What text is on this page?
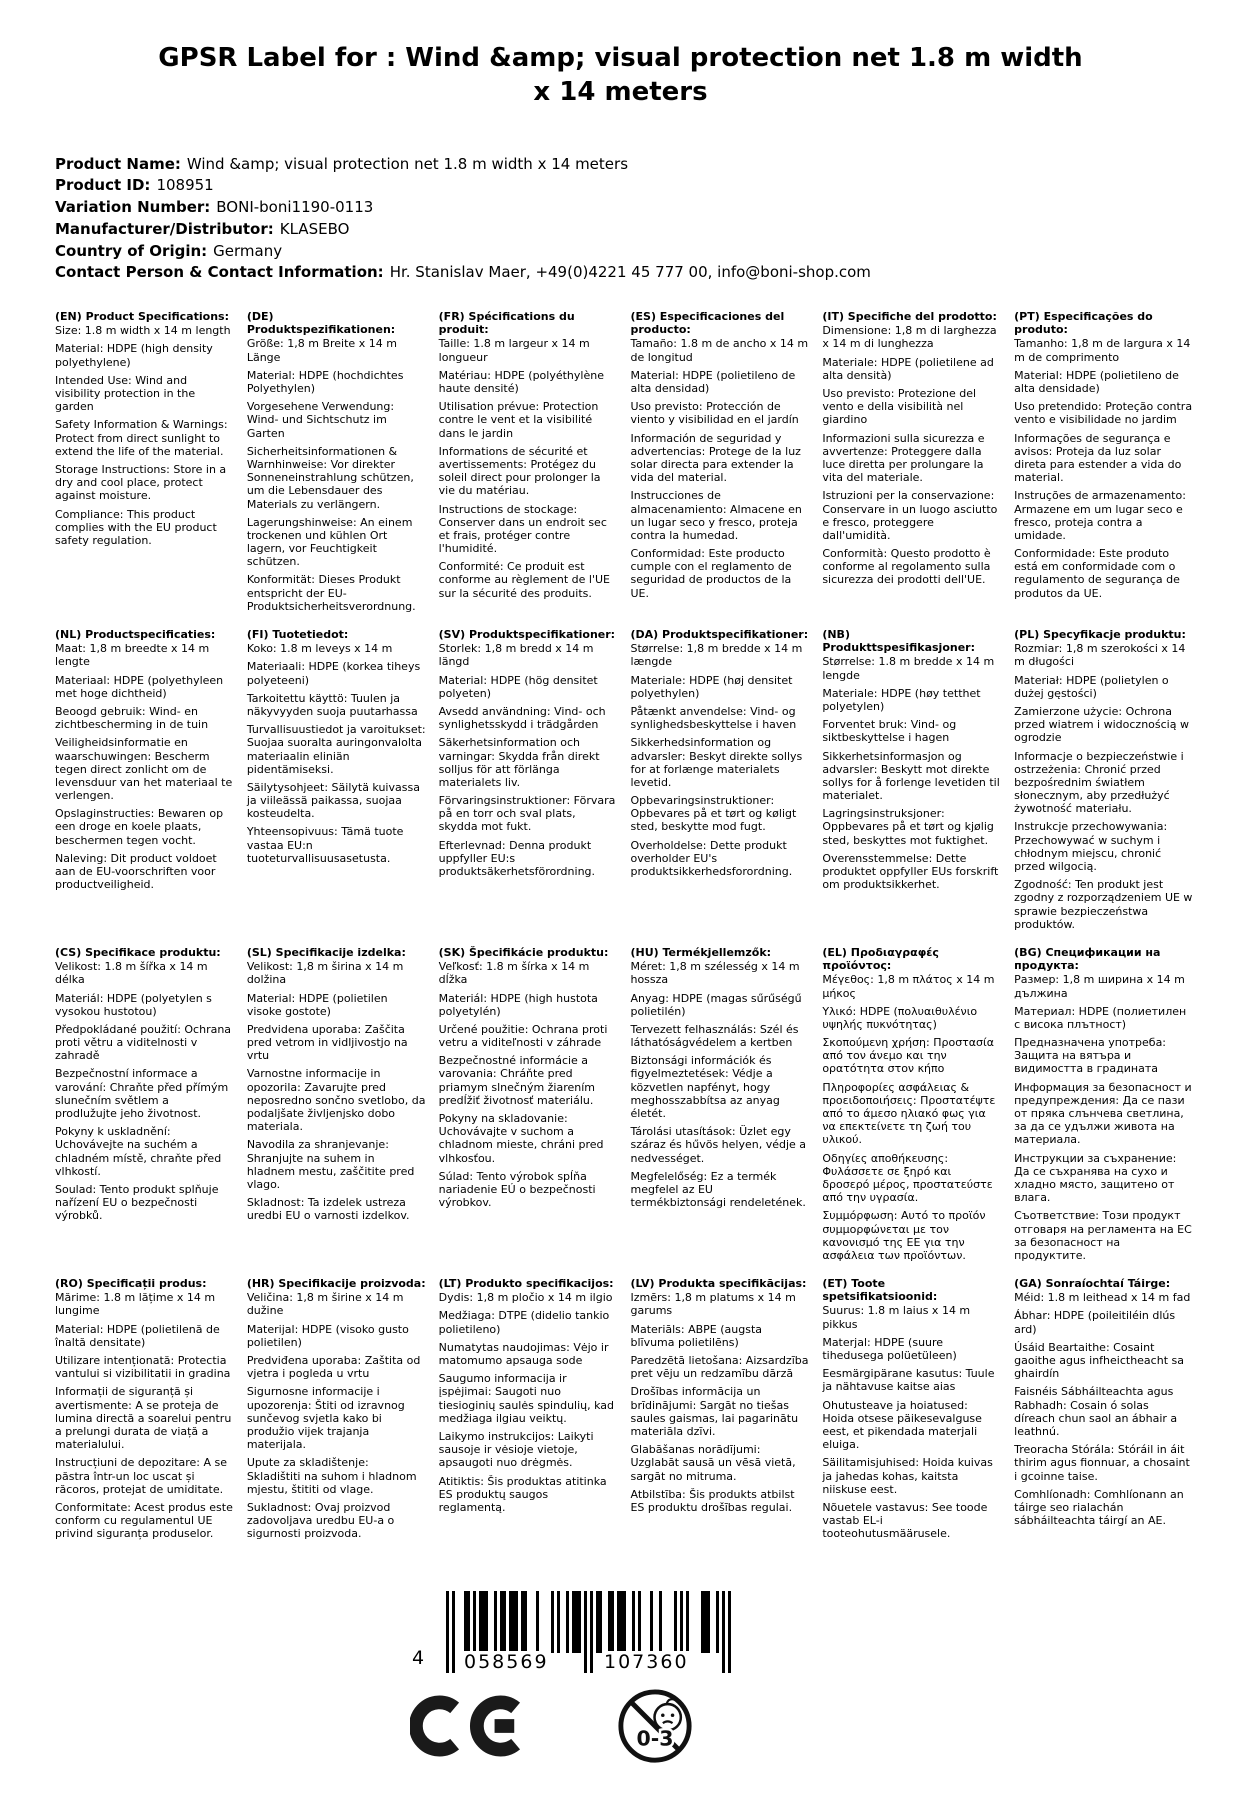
GPSR Label for : Wind &amp; visual protection net 1.8 m width x 14 meters
Product Name: Wind &amp; visual protection net 1.8 m width x 14 meters
Product ID: 108951
Variation Number: BONI-boni1190-0113
Manufacturer/Distributor: KLASEBO
Country of Origin: Germany
Contact Person & Contact Information: Hr. Stanislav Maer, +49(0)4221 45 777 00, info@boni-shop.com
(EN) Product Specifications:

Size: 1.8 m width x 14 m length

Material: HDPE (high density polyethylene)

Intended Use: Wind and visibility protection in the garden

Safety Information & Warnings: Protect from direct sunlight to extend the life of the material.

Storage Instructions: Store in a dry and cool place, protect against moisture.

Compliance: This product complies with the EU product safety regulation.

(DE) Produktspezifikationen:

Größe: 1,8 m Breite x 14 m Länge

Material: HDPE (hochdichtes Polyethylen)

Vorgesehene Verwendung: Wind- und Sichtschutz im Garten

Sicherheitsinformationen & Warnhinweise: Vor direkter Sonneneinstrahlung schützen, um die Lebensdauer des Materials zu verlängern.

Lagerungshinweise: An einem trockenen und kühlen Ort lagern, vor Feuchtigkeit schützen.

Konformität: Dieses Produkt entspricht der EU-Produktsicherheitsverordnung.

(FR) Spécifications du produit:

Taille: 1.8 m largeur x 14 m longueur

Matériau: HDPE (polyéthylène haute densité)

Utilisation prévue: Protection contre le vent et la visibilité dans le jardin

Informations de sécurité et avertissements: Protégez du soleil direct pour prolonger la vie du matériau.

Instructions de stockage: Conserver dans un endroit sec et frais, protéger contre l'humidité.

Conformité: Ce produit est conforme au règlement de l'UE sur la sécurité des produits.

(ES) Especificaciones del producto:

Tamaño: 1.8 m de ancho x 14 m de longitud

Material: HDPE (polietileno de alta densidad)

Uso previsto: Protección de viento y visibilidad en el jardín

Información de seguridad y advertencias: Protege de la luz solar directa para extender la vida del material.

Instrucciones de almacenamiento: Almacene en un lugar seco y fresco, proteja contra la humedad.

Conformidad: Este producto cumple con el reglamento de seguridad de productos de la UE.

(IT) Specifiche del prodotto:

Dimensione: 1,8 m di larghezza x 14 m di lunghezza

Materiale: HDPE (polietilene ad alta densità)

Uso previsto: Protezione del vento e della visibilità nel giardino

Informazioni sulla sicurezza e avvertenze: Proteggere dalla luce diretta per prolungare la vita del materiale.

Istruzioni per la conservazione: Conservare in un luogo asciutto e fresco, proteggere dall'umidità.

Conformità: Questo prodotto è conforme al regolamento sulla sicurezza dei prodotti dell'UE.

(PT) Especificações do produto:

Tamanho: 1,8 m de largura x 14 m de comprimento

Material: HDPE (polietileno de alta densidade)

Uso pretendido: Proteção contra vento e visibilidade no jardim

Informações de segurança e avisos: Proteja da luz solar direta para estender a vida do material.

Instruções de armazenamento: Armazene em um lugar seco e fresco, proteja contra a umidade.

Conformidade: Este produto está em conformidade com o regulamento de segurança de produtos da UE.

(NL) Productspecificaties:

Maat: 1,8 m breedte x 14 m lengte

Materiaal: HDPE (polyethyleen met hoge dichtheid)

Beoogd gebruik: Wind- en zichtbescherming in de tuin

Veiligheidsinformatie en waarschuwingen: Bescherm tegen direct zonlicht om de levensduur van het materiaal te verlengen.

Opslaginstructies: Bewaren op een droge en koele plaats, beschermen tegen vocht.

Naleving: Dit product voldoet aan de EU-voorschriften voor productveiligheid.

(FI) Tuotetiedot:

Koko: 1.8 m leveys x 14 m

Materiaali: HDPE (korkea tiheys polyeteeni)

Tarkoitettu käyttö: Tuulen ja näkyvyyden suoja puutarhassa

Turvallisuustiedot ja varoitukset: Suojaa suoralta auringonvalolta materiaalin eliniän pidentämiseksi.

Säilytysohjeet: Säilytä kuivassa ja viileässä paikassa, suojaa kosteudelta.

Yhteensopivuus: Tämä tuote vastaa EU:n tuoteturvallisuusasetusta.

(SV) Produktspecifikationer:

Storlek: 1,8 m bredd x 14 m längd

Material: HDPE (hög densitet polyeten)

Avsedd användning: Vind- och synlighetsskydd i trädgården

Säkerhetsinformation och varningar: Skydda från direkt solljus för att förlänga materialets liv.

Förvaringsinstruktioner: Förvara på en torr och sval plats, skydda mot fukt.

Efterlevnad: Denna produkt uppfyller EU:s produktsäkerhetsförordning.

(DA) Produktspecifikationer:

Størrelse: 1,8 m bredde x 14 m længde

Materiale: HDPE (høj densitet polyethylen)

Påtænkt anvendelse: Vind- og synlighedsbeskyttelse i haven

Sikkerhedsinformation og advarsler: Beskyt direkte sollys for at forlænge materialets levetid.

Opbevaringsinstruktioner: Opbevares på et tørt og køligt sted, beskytte mod fugt.

Overholdelse: Dette produkt overholder EU's produktsikkerhedsforordning.

(NB) Produkttspesifikasjoner:

Størrelse: 1.8 m bredde x 14 m lengde

Materiale: HDPE (høy tetthet polyetylen)

Forventet bruk: Vind- og siktbeskyttelse i hagen

Sikkerhetsinformasjon og advarsler: Beskytt mot direkte sollys for å forlenge levetiden til materialet.

Lagringsinstruksjoner: Oppbevares på et tørt og kjølig sted, beskyttes mot fuktighet.

Overensstemmelse: Dette produktet oppfyller EUs forskrift om produktsikkerhet.

(PL) Specyfikacje produktu:

Rozmiar: 1,8 m szerokości x 14 m długości

Materiał: HDPE (polietylen o dużej gęstości)

Zamierzone użycie: Ochrona przed wiatrem i widocznością w ogrodzie

Informacje o bezpieczeństwie i ostrzeżenia: Chronić przed bezpośrednim światłem słonecznym, aby przedłużyć żywotność materiału.

Instrukcje przechowywania: Przechowywać w suchym i chłodnym miejscu, chronić przed wilgocią.

Zgodność: Ten produkt jest zgodny z rozporządzeniem UE w sprawie bezpieczeństwa produktów.

(CS) Specifikace produktu:

Velikost: 1.8 m šířka x 14 m délka

Materiál: HDPE (polyetylen s vysokou hustotou)

Předpokládané použití: Ochrana proti větru a viditelnosti v zahradě

Bezpečnostní informace a varování: Chraňte před přímým slunečním světlem a prodlužujte jeho životnost.

Pokyny k uskladnění: Uchovávejte na suchém a chladném místě, chraňte před vlhkostí.

Soulad: Tento produkt splňuje nařízení EU o bezpečnosti výrobků.

(SL) Specifikacije izdelka:

Velikost: 1,8 m širina x 14 m dolžina

Material: HDPE (polietilen visoke gostote)

Predvidena uporaba: Zaščita pred vetrom in vidljivostjo na vrtu

Varnostne informacije in opozorila: Zavarujte pred neposredno sončno svetlobo, da podaljšate življenjsko dobo materiala.

Navodila za shranjevanje: Shranjujte na suhem in hladnem mestu, zaščitite pred vlago.

Skladnost: Ta izdelek ustreza uredbi EU o varnosti izdelkov.

(SK) Špecifikácie produktu:

Veľkosť: 1.8 m šírka x 14 m dĺžka

Materiál: HDPE (high hustota polyetylén)

Určené použitie: Ochrana proti vetru a viditeľnosti v záhrade

Bezpečnostné informácie a varovania: Chráňte pred priamym slnečným žiarením predĺžiť životnosť materiálu.

Pokyny na skladovanie: Uchovávajte v suchom a chladnom mieste, chráni pred vlhkosťou.

Súlad: Tento výrobok spĺňa nariadenie EÚ o bezpečnosti výrobkov.

(HU) Termékjellemzők:

Méret: 1,8 m szélesség x 14 m hossza

Anyag: HDPE (magas sűrűségű polietilén)

Tervezett felhasználás: Szél és láthatóságvédelem a kertben

Biztonsági információk és figyelmeztetések: Védje a közvetlen napfényt, hogy meghosszabbítsa az anyag életét.

Tárolási utasítások: Üzlet egy száraz és hűvös helyen, védje a nedvességet.

Megfelelőség: Ez a termék megfelel az EU termékbiztonsági rendeletének.

(EL) Προδιαγραφές προϊόντος:

Μέγεθος: 1,8 m πλάτος x 14 m μήκος

Υλικό: HDPE (πολυαιθυλένιο υψηλής πυκνότητας)

Σκοπούμενη χρήση: Προστασία από τον άνεμο και την ορατότητα στον κήπο

Πληροφορίες ασφάλειας & προειδοποιήσεις: Προστατέψτε από το άμεσο ηλιακό φως για να επεκτείνετε τη ζωή του υλικού.

Οδηγίες αποθήκευσης: Φυλάσσετε σε ξηρό και δροσερό μέρος, προστατεύστε από την υγρασία.

Συμμόρφωση: Αυτό το προϊόν συμμορφώνεται με τον κανονισμό της ΕΕ για την ασφάλεια των προϊόντων.

(BG) Спецификации на продукта:

Размер: 1,8 m ширина x 14 m дължина

Материал: HDPE (полиетилен с висока плътност)

Предназначена употреба: Защита на вятъра и видимостта в градината

Информация за безопасност и предупреждения: Да се пази от пряка слънчева светлина, за да се удължи живота на материала.

Инструкции за съхранение: Да се съхранява на сухо и хладно място, защитено от влага.

Съответствие: Този продукт отговаря на регламента на ЕС за безопасност на продуктите.

(RO) Specificații produs:

Mărime: 1.8 m lățime x 14 m lungime

Material: HDPE (polietilenă de înaltă densitate)

Utilizare intenționată: Protectia vantului si vizibilitatii in gradina

Informații de siguranță și avertismente: A se proteja de lumina directă a soarelui pentru a prelungi durata de viață a materialului.

Instrucțiuni de depozitare: A se păstra într-un loc uscat și răcoros, protejat de umiditate.

Conformitate: Acest produs este conform cu regulamentul UE privind siguranța produselor.

(HR) Specifikacije proizvoda:

Veličina: 1,8 m širine x 14 m dužine

Materijal: HDPE (visoko gusto polietilen)

Predviđena uporaba: Zaštita od vjetra i pogleda u vrtu

Sigurnosne informacije i upozorenja: Štiti od izravnog sunčevog svjetla kako bi produžio vijek trajanja materijala.

Upute za skladištenje: Skladištiti na suhom i hladnom mjestu, štititi od vlage.

Sukladnost: Ovaj proizvod zadovoljava uredbu EU-a o sigurnosti proizvoda.

(LT) Produkto specifikacijos:

Dydis: 1,8 m pločio x 14 m ilgio

Medžiaga: DTPE (didelio tankio polietileno)

Numatytas naudojimas: Vėjo ir matomumo apsauga sode

Saugumo informacija ir įspėjimai: Saugoti nuo tiesioginių saulės spindulių, kad medžiaga ilgiau veiktų.

Laikymo instrukcijos: Laikyti sausoje ir vėsioje vietoje, apsaugoti nuo drėgmės.

Atitiktis: Šis produktas atitinka ES produktų saugos reglamentą.

(LV) Produkta specifikācijas:

Izmērs: 1,8 m platums x 14 m garums

Materiāls: ABPE (augsta blīvuma polietilēns)

Paredzētā lietošana: Aizsardzība pret vēju un redzamību dārzā

Drošības informācija un brīdinājumi: Sargāt no tiešas saules gaismas, lai pagarinātu materiāla dzīvi.

Glabāšanas norādījumi: Uzglabāt sausā un vēsā vietā, sargāt no mitruma.

Atbilstība: Šis produkts atbilst ES produktu drošības regulai.

(ET) Toote spetsifikatsioonid:

Suurus: 1.8 m laius x 14 m pikkus

Materjal: HDPE (suure tihedusega polüetüleen)

Eesmärgipärane kasutus: Tuule ja nähtavuse kaitse aias

Ohutusteave ja hoiatused: Hoida otsese päikesevalguse eest, et pikendada materjali eluiga.

Säilitamisjuhised: Hoida kuivas ja jahedas kohas, kaitsta niiskuse eest.

Nõuetele vastavus: See toode vastab EL-i tooteohutusmäärusele.

(GA) Sonraíochtaí Táirge:

Méid: 1.8 m leithead x 14 m fad

Ábhar: HDPE (poileitiléin dlús ard)

Úsáid Beartaithe: Cosaint gaoithe agus infheictheacht sa ghairdín

Faisnéis Sábháilteachta agus Rabhadh: Cosain ó solas díreach chun saol an ábhair a leathnú.

Treoracha Stórála: Stóráil in áit thirim agus fionnuar, a chosaint i gcoinne taise.

Comhlíonadh: Comhlíonann an táirge seo rialachán sábháilteachta táirgí an AE.

4 058569	107360
0-3
